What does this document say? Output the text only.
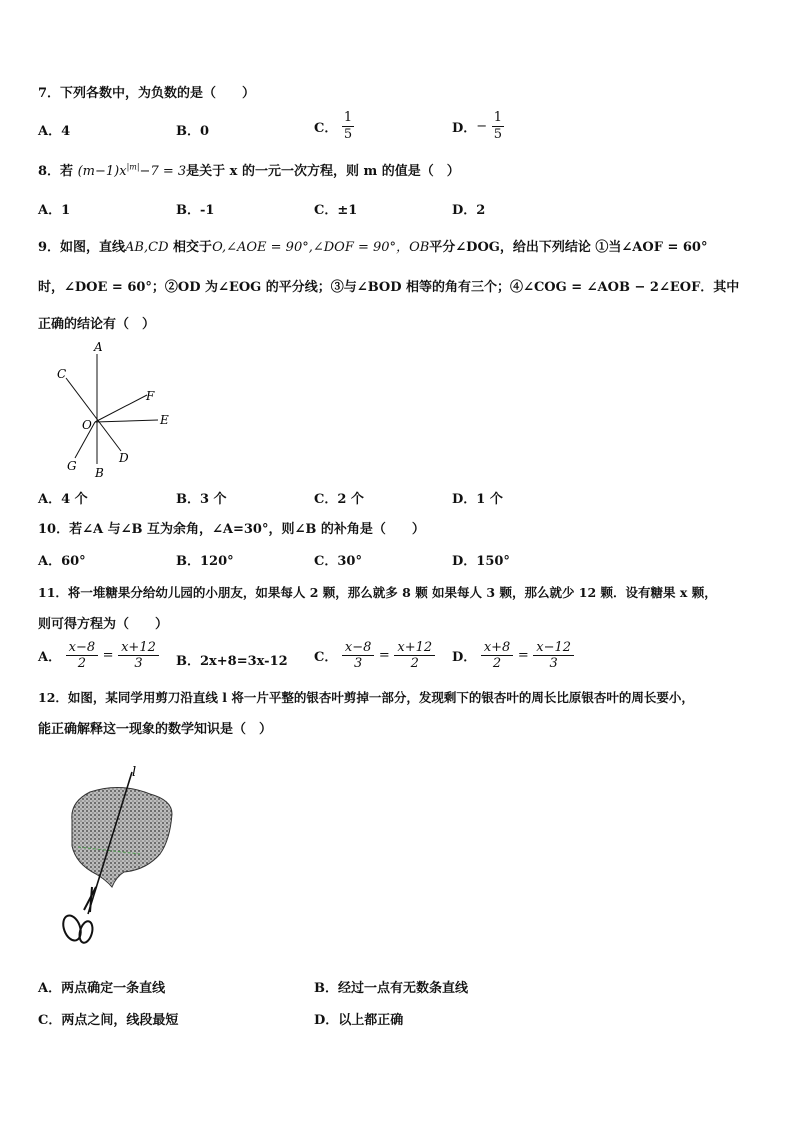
7．下列各数中，为负数的是（　　）
A．4	B．0	C． $\frac{1}{5}$	D．− $\frac{1}{5}$
8．若 $(m-1)x^{|m|}-7 = 3$是关于 x 的一元一次方程，则 m 的值是（　）
A．1	B．-1	C．±1	D．2
9．如图，直线AB,CD 相交于O,∠AOE = 90°,∠DOF = 90°，OB平分∠DOG，给出下列结论 ①当∠AOF = 60°
时，∠DOE = 60°；②OD 为∠EOG 的平分线；③与∠BOD 相等的角有三个；④∠COG = ∠AOB − 2∠EOF．其中
正确的结论有（　）
A
C
F
O	E
G B
D
A．4 个	B．3 个	C．2 个	D．1 个
10．若∠A 与∠B 互为余角，∠A=30°，则∠B 的补角是（　　）
A．60°	B．120°	C．30°	D．150°
11．将一堆糖果分给幼儿园的小朋友，如果每人 2 颗，那么就多 8 颗 如果每人 3 颗，那么就少 12 颗．设有糖果 x 颗，
则可得方程为（　　）
A． $\frac{x-8}{2} = \frac{x+12}{3}$ B．2x+8=3x-12 C． $\frac{x-8}{3} = \frac{x+12}{2}$ D． $\frac{x+8}{2} = \frac{x-12}{3}$
12．如图，某同学用剪刀沿直线 l 将一片平整的银杏叶剪掉一部分，发现剩下的银杏叶的周长比原银杏叶的周长要小，
能正确解释这一现象的数学知识是（　）
l
A．两点确定一条直线	B．经过一点有无数条直线
C．两点之间，线段最短	D．以上都正确
